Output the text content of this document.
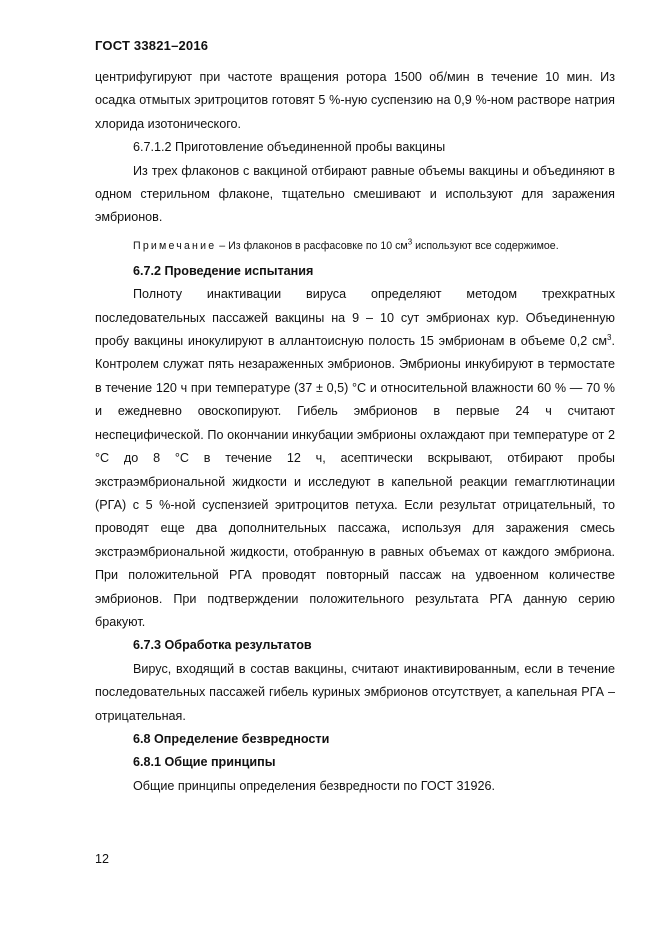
ГОСТ 33821–2016

центрифугируют при частоте вращения ротора 1500 об/мин в течение 10 мин. Из осадка отмытых эритроцитов готовят 5 %-ную суспензию на 0,9 %-ном растворе натрия хлорида изотонического.

6.7.1.2 Приготовление объединенной пробы вакцины

Из трех флаконов с вакциной отбирают равные объемы вакцины и объединяют в одном стерильном флаконе, тщательно смешивают и используют для заражения эмбрионов.

Примечание – Из флаконов в расфасовке по 10 $см^3$ используют все содержимое.

6.7.2 Проведение испытания

Полноту инактивации вируса определяют методом трехкратных последовательных пассажей вакцины на 9 – 10 сут эмбрионах кур. Объединенную пробу вакцины инокулируют в аллантоисную полость 15 эмбрионам в объеме 0,2 $см^3$. Контролем служат пять незараженных эмбрионов. Эмбрионы инкубируют в термостате в течение 120 ч при температуре (37 ± 0,5) °С и относительной влажности 60 % — 70 % и ежедневно овоскопируют. Гибель эмбрионов в первые 24 ч считают неспецифической. По окончании инкубации эмбрионы охлаждают при температуре от 2 °С до 8 °С в течение 12 ч, асептически вскрывают, отбирают пробы экстраэмбриональной жидкости и исследуют в капельной реакции гемагглютинации (РГА) с 5 %-ной суспензией эритроцитов петуха. Если результат отрицательный, то проводят еще два дополнительных пассажа, используя для заражения смесь экстраэмбриональной жидкости, отобранную в равных объемах от каждого эмбриона. При положительной РГА проводят повторный пассаж на удвоенном количестве эмбрионов. При подтверждении положительного результата РГА данную серию бракуют.

6.7.3 Обработка результатов

Вирус, входящий в состав вакцины, считают инактивированным, если в течение последовательных пассажей гибель куриных эмбрионов отсутствует, а капельная РГА – отрицательная.

6.8 Определение безвредности

6.8.1 Общие принципы

Общие принципы определения безвредности по ГОСТ 31926.

12
